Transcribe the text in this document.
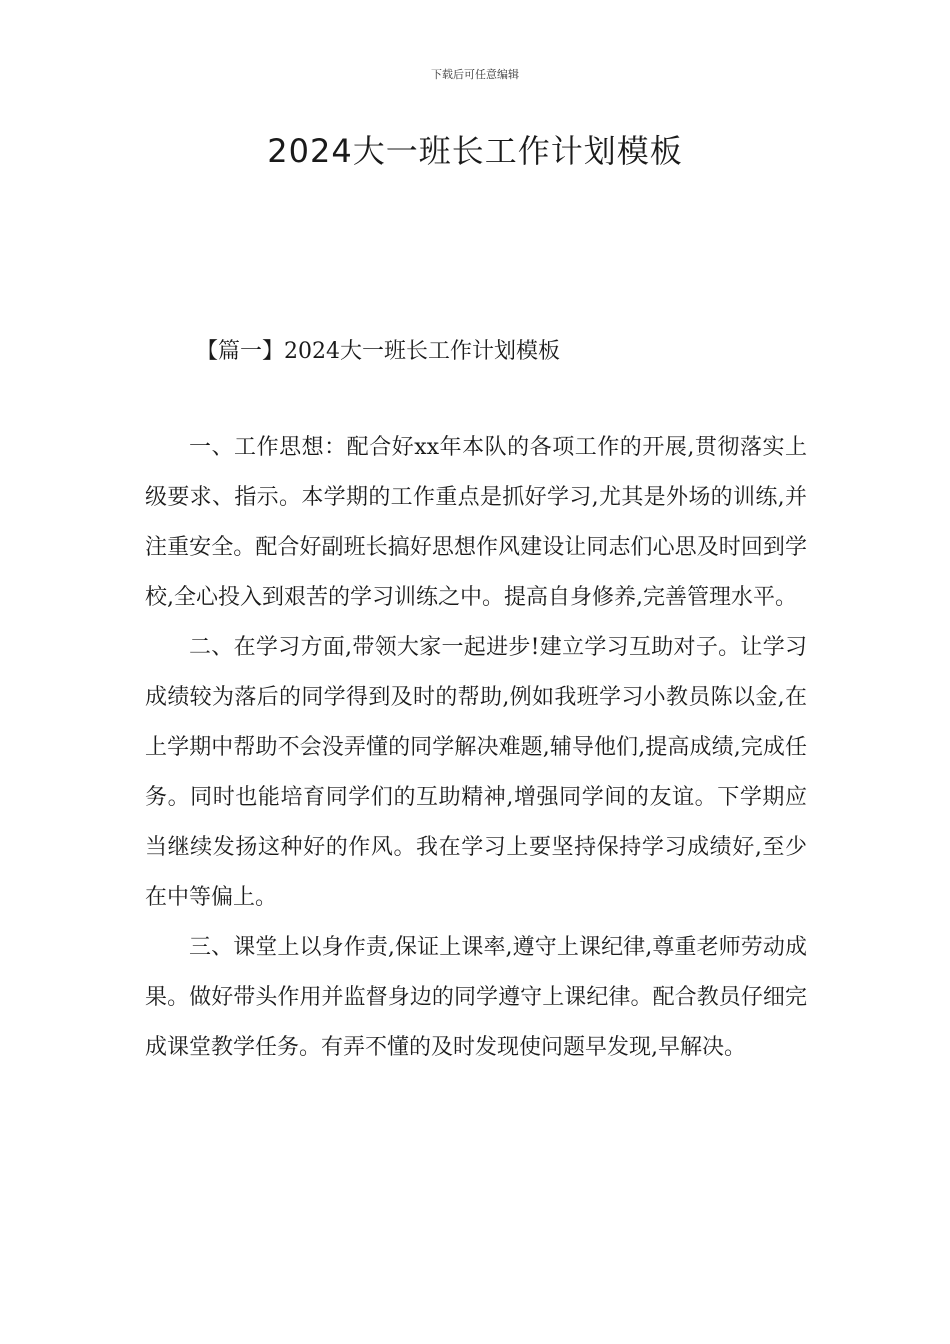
下载后可任意编辑
2024大一班长工作计划模板
【篇一】2024大一班长工作计划模板

一、工作思想：配合好xx年本队的各项工作的开展,贯彻落实上级要求、指示。本学期的工作重点是抓好学习,尤其是外场的训练,并注重安全。配合好副班长搞好思想作风建设让同志们心思及时回到学校,全心投入到艰苦的学习训练之中。提高自身修养,完善管理水平。

二、在学习方面,带领大家一起进步!建立学习互助对子。让学习成绩较为落后的同学得到及时的帮助,例如我班学习小教员陈以金,在上学期中帮助不会没弄懂的同学解决难题,辅导他们,提高成绩,完成任务。同时也能培育同学们的互助精神,增强同学间的友谊。下学期应当继续发扬这种好的作风。我在学习上要坚持保持学习成绩好,至少在中等偏上。

三、课堂上以身作责,保证上课率,遵守上课纪律,尊重老师劳动成果。做好带头作用并监督身边的同学遵守上课纪律。配合教员仔细完成课堂教学任务。有弄不懂的及时发现使问题早发现,早解决。
